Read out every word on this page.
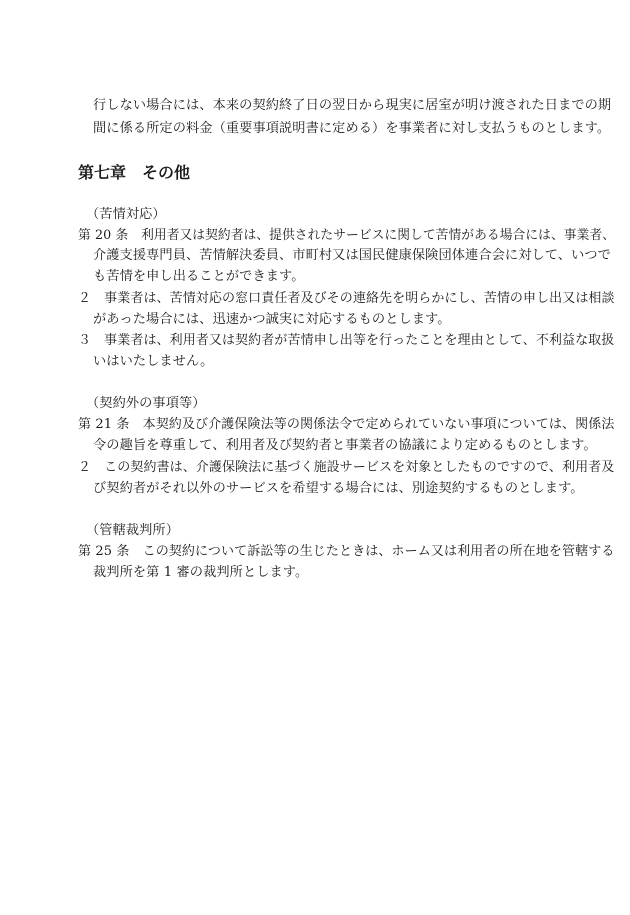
行しない場合には、本来の契約終了日の翌日から現実に居室が明け渡された日までの期
間に係る所定の料金（重要事項説明書に定める）を事業者に対し支払うものとします。
第七章　その他
（苦情対応）
第 20 条　利用者又は契約者は、提供されたサービスに関して苦情がある場合には、事業者、
介護支援専門員、苦情解決委員、市町村又は国民健康保険団体連合会に対して、いつで
も苦情を申し出ることができます。
２　事業者は、苦情対応の窓口責任者及びその連絡先を明らかにし、苦情の申し出又は相談
があった場合には、迅速かつ誠実に対応するものとします。
３　事業者は、利用者又は契約者が苦情申し出等を行ったことを理由として、不利益な取扱
いはいたしません。
（契約外の事項等）
第 21 条　本契約及び介護保険法等の関係法令で定められていない事項については、関係法
令の趣旨を尊重して、利用者及び契約者と事業者の協議により定めるものとします。
２　この契約書は、介護保険法に基づく施設サービスを対象としたものですので、利用者及
び契約者がそれ以外のサービスを希望する場合には、別途契約するものとします。
（管轄裁判所）
第 25 条　この契約について訴訟等の生じたときは、ホーム又は利用者の所在地を管轄する
裁判所を第 1 審の裁判所とします。
